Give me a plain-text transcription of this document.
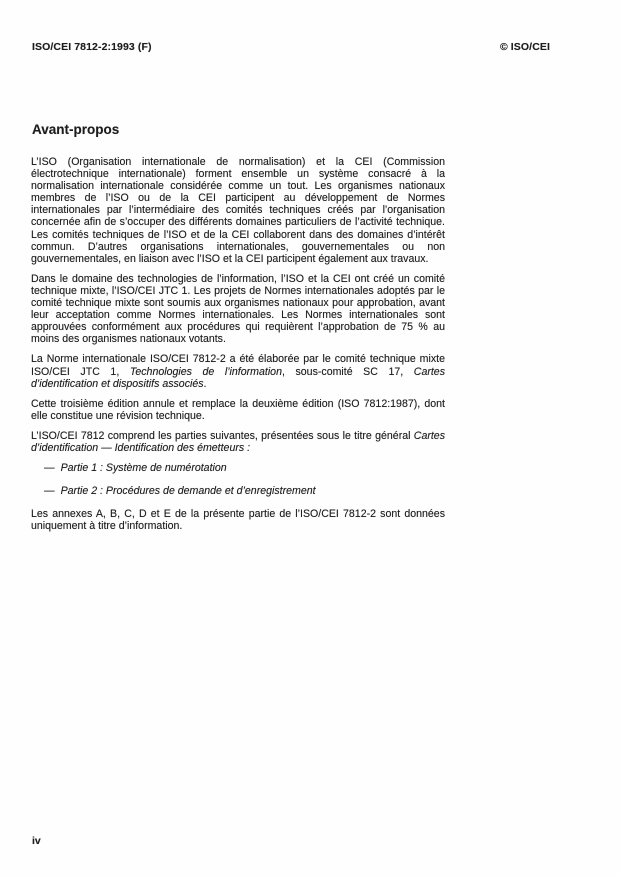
ISO/CEI 7812-2:1993 (F)	© ISO/CEI
Avant-propos

L’ISO (Organisation internationale de normalisation) et la CEI (Commission électrotechnique internationale) forment ensemble un système consacré à la normalisation internationale considérée comme un tout. Les organismes nationaux membres de l’ISO ou de la CEI participent au développement de Normes internationales par l’intermédiaire des comités techniques créés par l’organisation concernée afin de s’occuper des différents domaines particuliers de l’activité technique. Les comités techniques de l’ISO et de la CEI collaborent dans des domaines d’intérêt commun. D’autres organisations internationales, gouvernementales ou non gouvernementales, en liaison avec l’ISO et la CEI participent également aux travaux.

Dans le domaine des technologies de l’information, l’ISO et la CEI ont créé un comité technique mixte, l’ISO/CEI JTC 1. Les projets de Normes internationales adoptés par le comité technique mixte sont soumis aux organismes nationaux pour approbation, avant leur acceptation comme Normes internationales. Les Normes internationales sont approuvées conformément aux procédures qui requièrent l’approbation de 75 % au moins des organismes nationaux votants.

La Norme internationale ISO/CEI 7812-2 a été élaborée par le comité technique mixte ISO/CEI JTC 1, Technologies de l’information, sous-comité SC 17, Cartes d’identification et dispositifs associés.

Cette troisième édition annule et remplace la deuxième édition (ISO 7812:1987), dont elle constitue une révision technique.

L’ISO/CEI 7812 comprend les parties suivantes, présentées sous le titre général Cartes d’identification — Identification des émetteurs :

— Partie 1 : Système de numérotation

— Partie 2 : Procédures de demande et d’enregistrement

Les annexes A, B, C, D et E de la présente partie de l’ISO/CEI 7812-2 sont données uniquement à titre d’information.

iv
